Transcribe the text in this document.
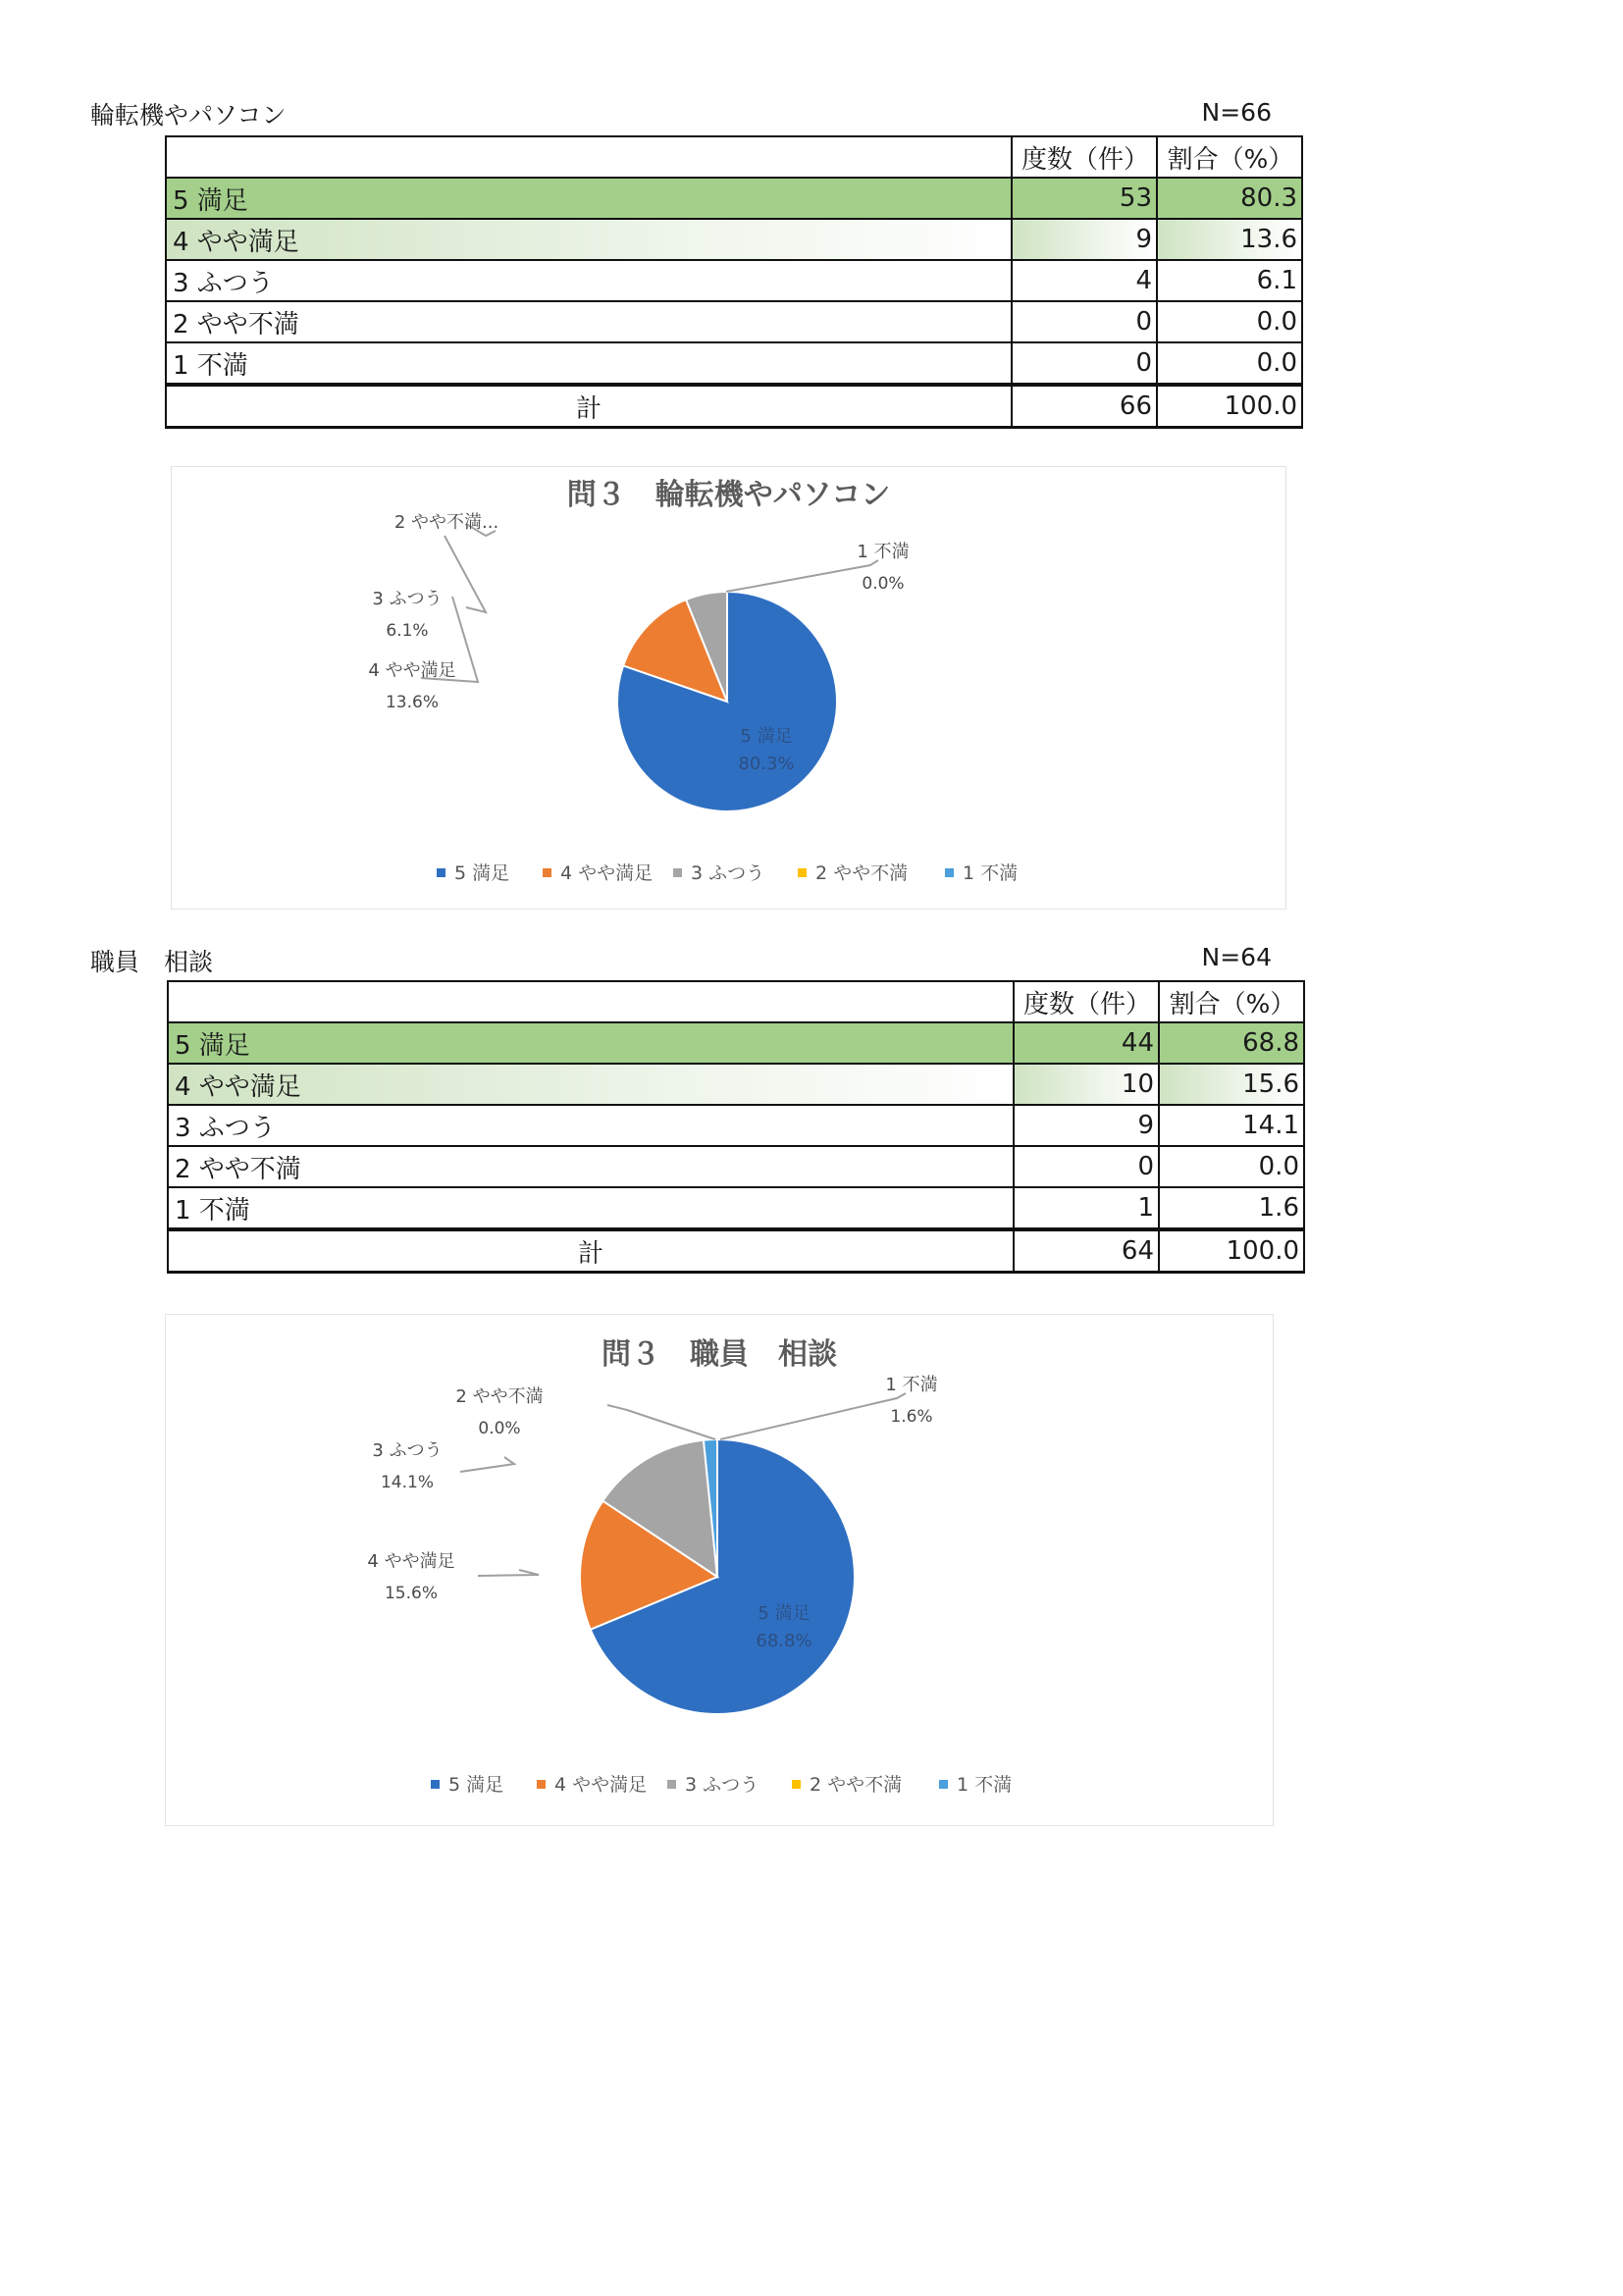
輪転機やパソコン	N=66
	度数（件）	割合（%）
5 満足	53	80.3
4 やや満足	9	13.6
3 ふつう	4	6.1
2 やや不満	0	0.0
1 不満	0	0.0
計	66	100.0
問３　輪転機やパソコン
5 満足
80.3%
4 やや満足
13.6%
3 ふつう
6.1%
2 やや不満...
1 不満
0.0%
5 満足	4 やや満足 3 ふつう	2 やや不満	1 不満
職員　相談	N=64
	度数（件）	割合（%）
5 満足	44	68.8
4 やや満足	10	15.6
3 ふつう	9	14.1
2 やや不満	0	0.0
1 不満	1	1.6
計	64	100.0
問３　職員　相談
5 満足
68.8%
4 やや満足
15.6%
3 ふつう
14.1%
2 やや不満
0.0%
1 不満
1.6%
5 満足	4 やや満足 3 ふつう	2 やや不満	1 不満
